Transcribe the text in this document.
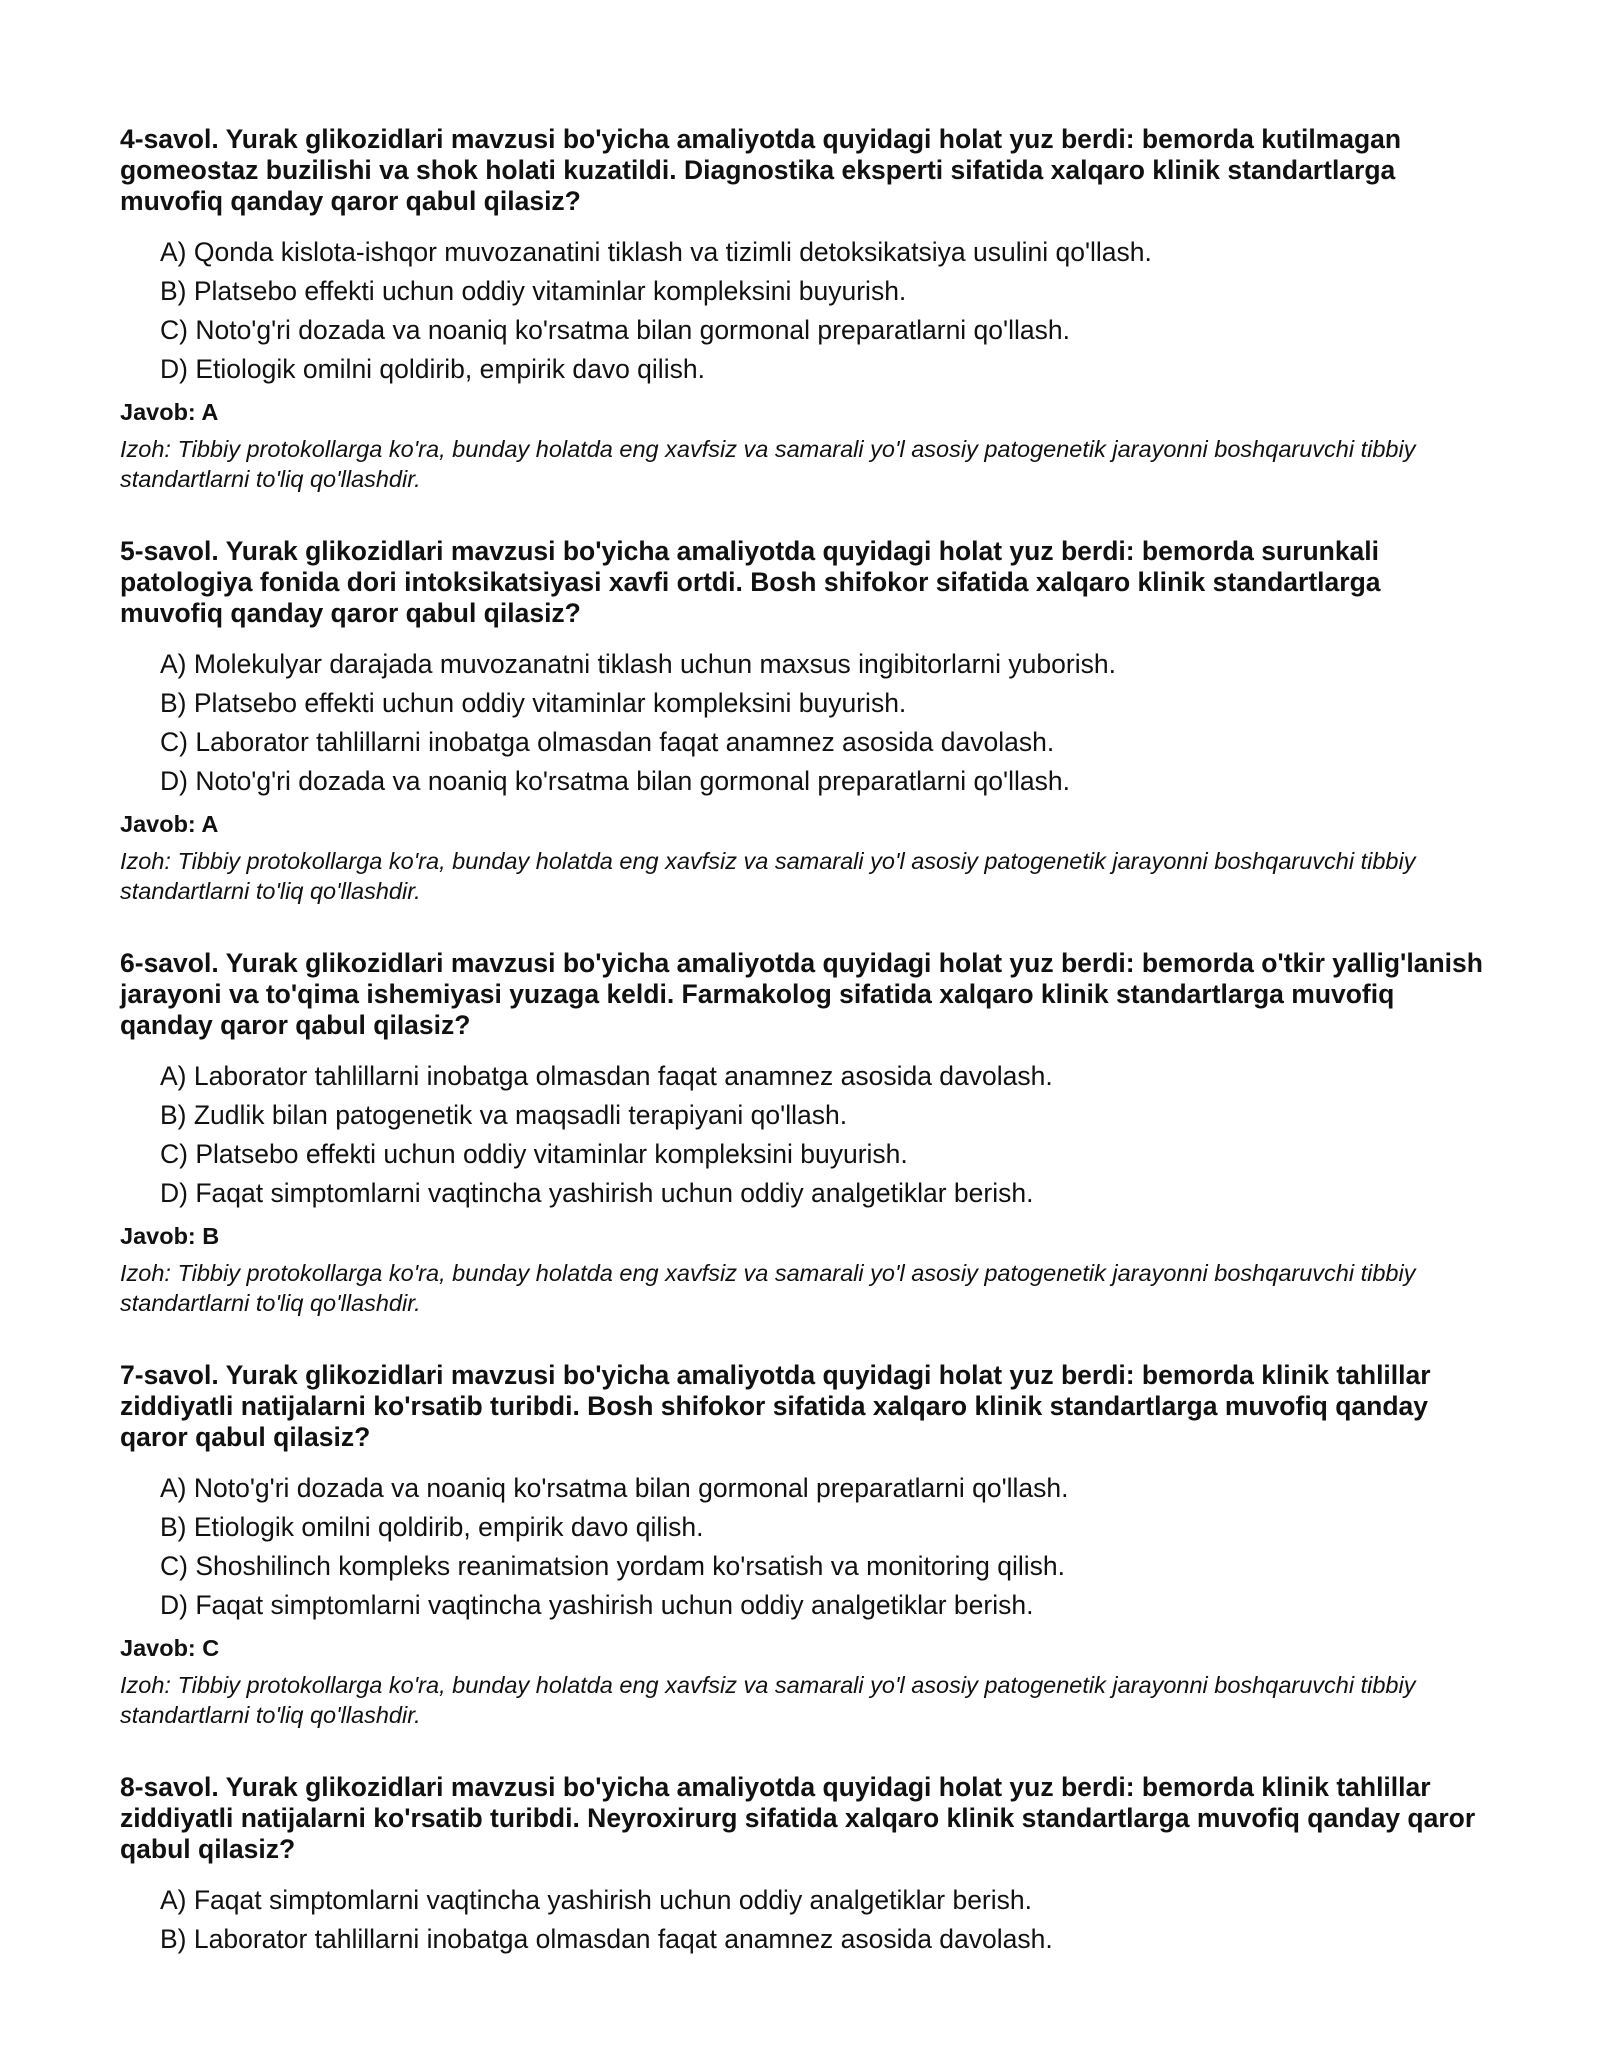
4-savol. Yurak glikozidlari mavzusi bo'yicha amaliyotda quyidagi holat yuz berdi: bemorda kutilmagan gomeostaz buzilishi va shok holati kuzatildi. Diagnostika eksperti sifatida xalqaro klinik standartlarga muvofiq qanday qaror qabul qilasiz?
A) Qonda kislota-ishqor muvozanatini tiklash va tizimli detoksikatsiya usulini qo'llash.
B) Platsebo effekti uchun oddiy vitaminlar kompleksini buyurish.
C) Noto'g'ri dozada va noaniq ko'rsatma bilan gormonal preparatlarni qo'llash.
D) Etiologik omilni qoldirib, empirik davo qilish.
Javob: A
Izoh: Tibbiy protokollarga ko'ra, bunday holatda eng xavfsiz va samarali yo'l asosiy patogenetik jarayonni boshqaruvchi tibbiy standartlarni to'liq qo'llashdir.
5-savol. Yurak glikozidlari mavzusi bo'yicha amaliyotda quyidagi holat yuz berdi: bemorda surunkali patologiya fonida dori intoksikatsiyasi xavfi ortdi. Bosh shifokor sifatida xalqaro klinik standartlarga muvofiq qanday qaror qabul qilasiz?
A) Molekulyar darajada muvozanatni tiklash uchun maxsus ingibitorlarni yuborish.
B) Platsebo effekti uchun oddiy vitaminlar kompleksini buyurish.
C) Laborator tahlillarni inobatga olmasdan faqat anamnez asosida davolash.
D) Noto'g'ri dozada va noaniq ko'rsatma bilan gormonal preparatlarni qo'llash.
Javob: A
Izoh: Tibbiy protokollarga ko'ra, bunday holatda eng xavfsiz va samarali yo'l asosiy patogenetik jarayonni boshqaruvchi tibbiy standartlarni to'liq qo'llashdir.
6-savol. Yurak glikozidlari mavzusi bo'yicha amaliyotda quyidagi holat yuz berdi: bemorda o'tkir yallig'lanish jarayoni va to'qima ishemiyasi yuzaga keldi. Farmakolog sifatida xalqaro klinik standartlarga muvofiq qanday qaror qabul qilasiz?
A) Laborator tahlillarni inobatga olmasdan faqat anamnez asosida davolash.
B) Zudlik bilan patogenetik va maqsadli terapiyani qo'llash.
C) Platsebo effekti uchun oddiy vitaminlar kompleksini buyurish.
D) Faqat simptomlarni vaqtincha yashirish uchun oddiy analgetiklar berish.
Javob: B
Izoh: Tibbiy protokollarga ko'ra, bunday holatda eng xavfsiz va samarali yo'l asosiy patogenetik jarayonni boshqaruvchi tibbiy standartlarni to'liq qo'llashdir.
7-savol. Yurak glikozidlari mavzusi bo'yicha amaliyotda quyidagi holat yuz berdi: bemorda klinik tahlillar ziddiyatli natijalarni ko'rsatib turibdi. Bosh shifokor sifatida xalqaro klinik standartlarga muvofiq qanday qaror qabul qilasiz?
A) Noto'g'ri dozada va noaniq ko'rsatma bilan gormonal preparatlarni qo'llash.
B) Etiologik omilni qoldirib, empirik davo qilish.
C) Shoshilinch kompleks reanimatsion yordam ko'rsatish va monitoring qilish.
D) Faqat simptomlarni vaqtincha yashirish uchun oddiy analgetiklar berish.
Javob: C
Izoh: Tibbiy protokollarga ko'ra, bunday holatda eng xavfsiz va samarali yo'l asosiy patogenetik jarayonni boshqaruvchi tibbiy standartlarni to'liq qo'llashdir.
8-savol. Yurak glikozidlari mavzusi bo'yicha amaliyotda quyidagi holat yuz berdi: bemorda klinik tahlillar ziddiyatli natijalarni ko'rsatib turibdi. Neyroxirurg sifatida xalqaro klinik standartlarga muvofiq qanday qaror qabul qilasiz?
A) Faqat simptomlarni vaqtincha yashirish uchun oddiy analgetiklar berish.
B) Laborator tahlillarni inobatga olmasdan faqat anamnez asosida davolash.
